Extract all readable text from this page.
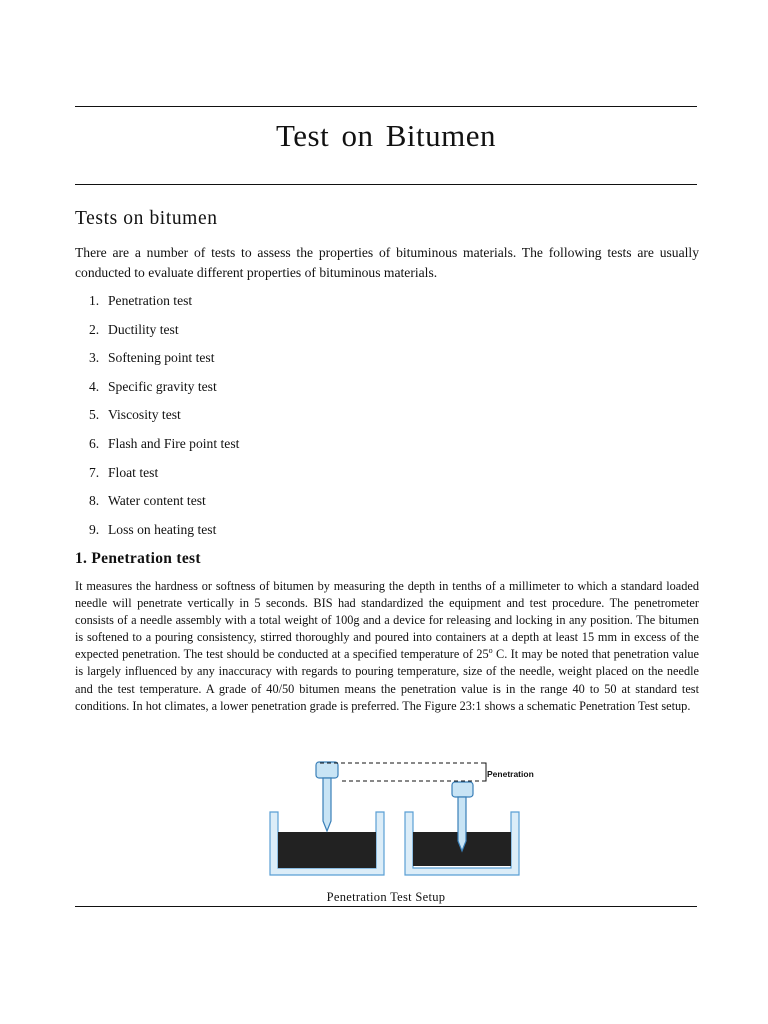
Test on Bitumen
Tests on bitumen

There are a number of tests to assess the properties of bituminous materials. The following tests are usually conducted to evaluate different properties of bituminous materials.

1. Penetration test
2. Ductility test
3. Softening point test
4. Specific gravity test
5. Viscosity test
6. Flash and Fire point test
7. Float test
8. Water content test
9. Loss on heating test
1. Penetration test

It measures the hardness or softness of bitumen by measuring the depth in tenths of a millimeter to which a standard loaded needle will penetrate vertically in 5 seconds. BIS had standardized the equipment and test procedure. The penetrometer consists of a needle assembly with a total weight of 100g and a device for releasing and locking in any position. The bitumen is softened to a pouring consistency, stirred thoroughly and poured into containers at a depth at least 15 mm in excess of the expected penetration. The test should be conducted at a specified temperature of 25$^o$ C. It may be noted that penetration value is largely influenced by any inaccuracy with regards to pouring temperature, size of the needle, weight placed on the needle and the test temperature. A grade of 40/50 bitumen means the penetration value is in the range 40 to 50 at standard test conditions. In hot climates, a lower penetration grade is preferred. The Figure 23:1 shows a schematic Penetration Test setup.

Penetration

Penetration Test Setup
